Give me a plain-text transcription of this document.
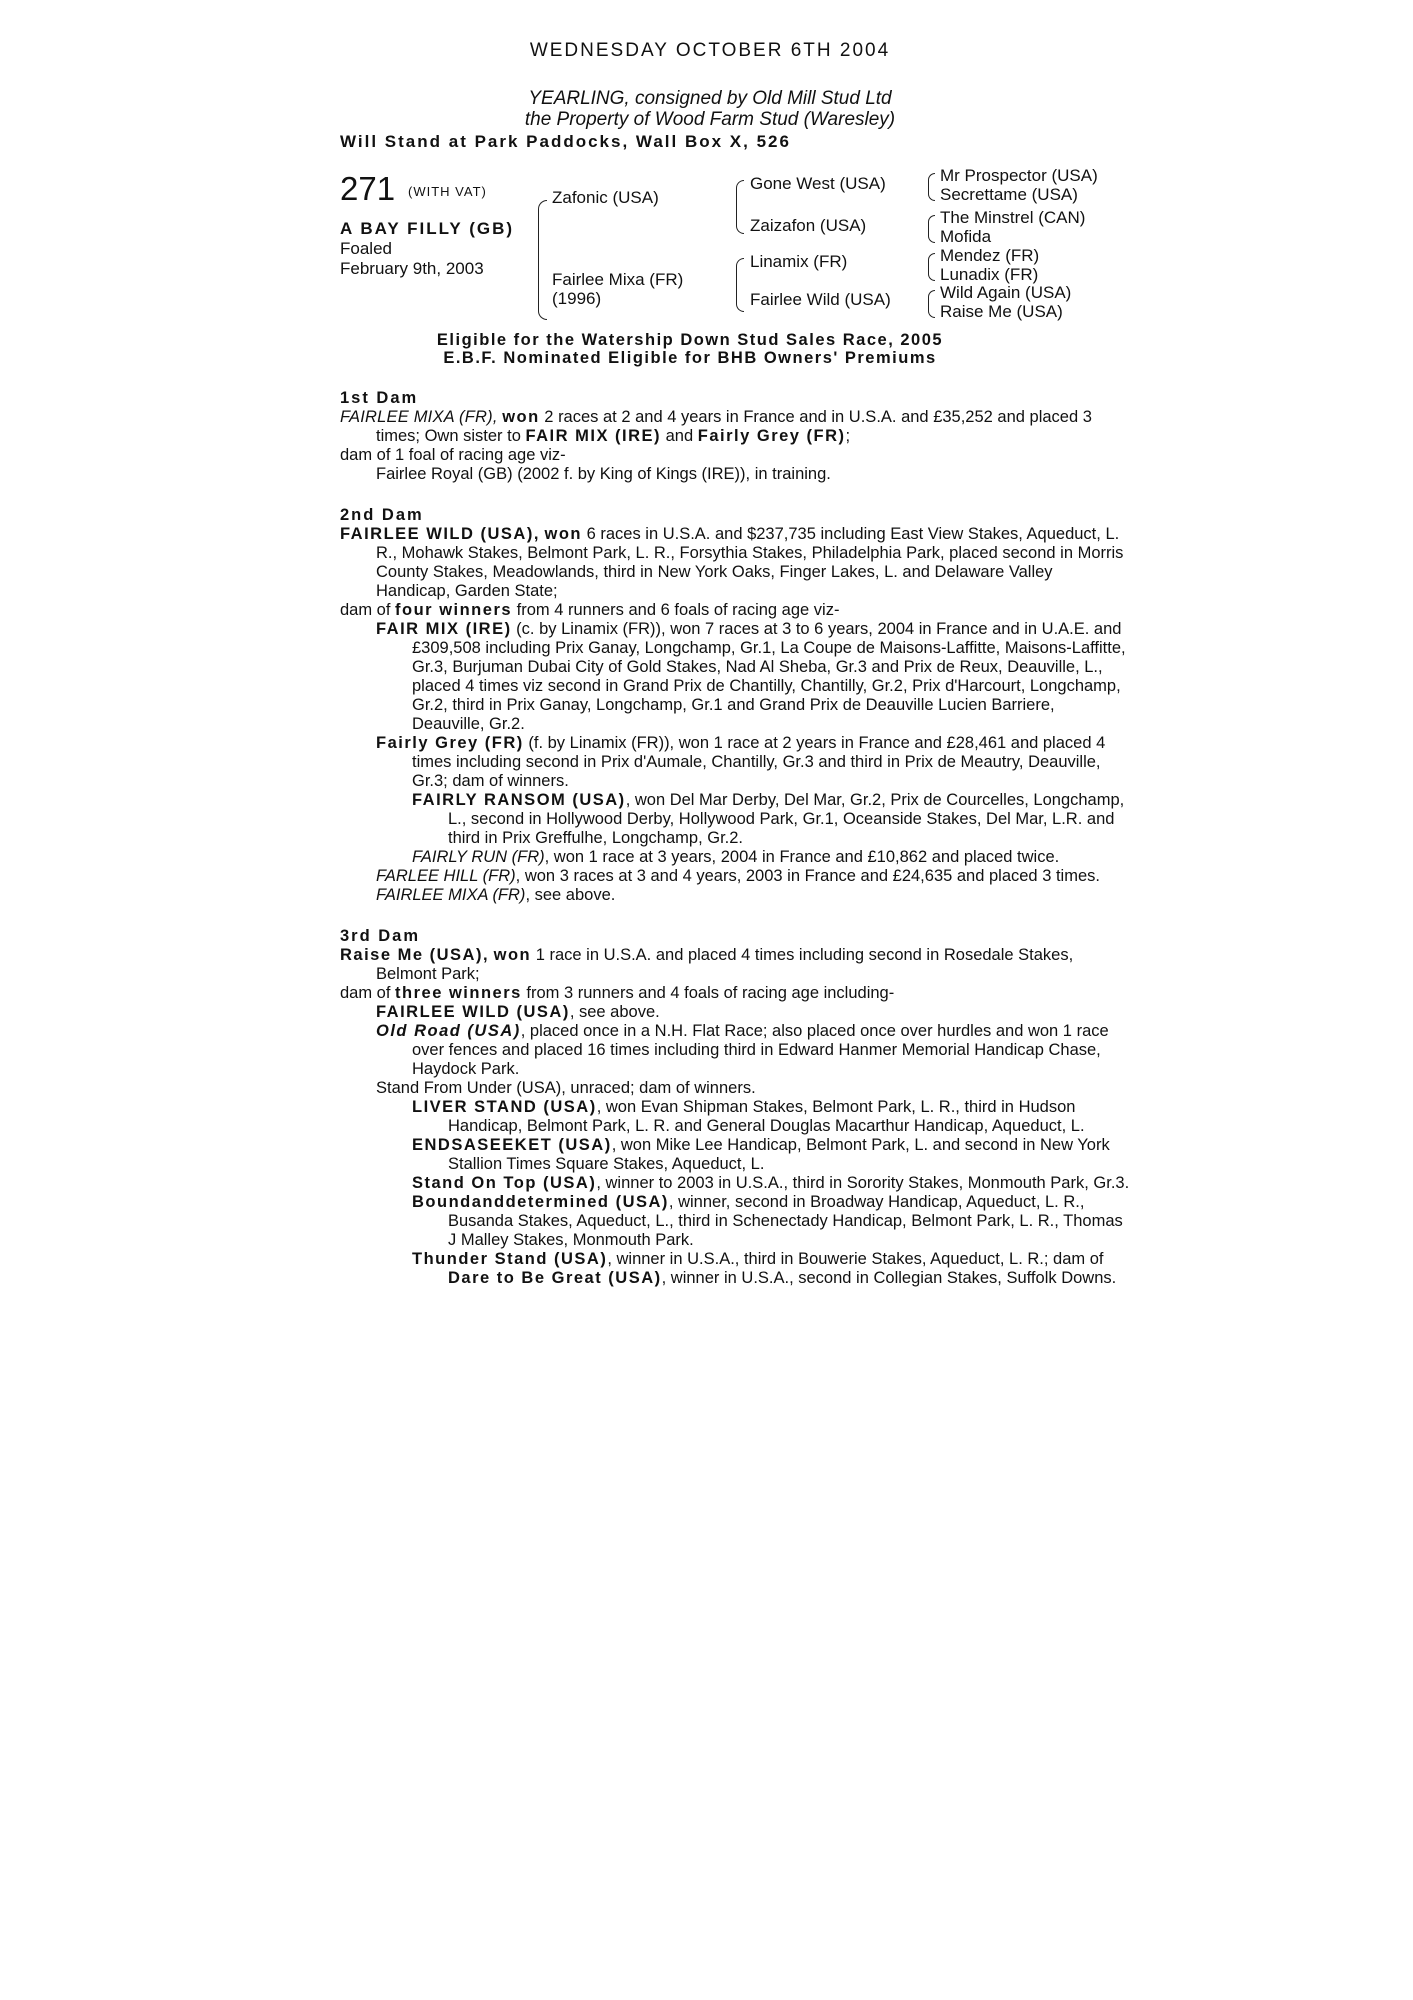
WEDNESDAY OCTOBER 6TH 2004
YEARLING, consigned by Old Mill Stud Ltd
the Property of Wood Farm Stud (Waresley)
Will Stand at Park Paddocks, Wall Box X, 526
271 (WITH VAT)
A BAY FILLY (GB)
Foaled
February 9th, 2003
Zafonic (USA)
Fairlee Mixa (FR)
(1996)
Gone West (USA)
Zaizafon (USA)
Linamix (FR)
Fairlee Wild (USA)
Mr Prospector (USA)
Secrettame (USA)
The Minstrel (CAN)
Mofida
Mendez (FR)
Lunadix (FR)
Wild Again (USA)
Raise Me (USA)
Eligible for the Watership Down Stud Sales Race, 2005
E.B.F. Nominated Eligible for BHB Owners' Premiums
1st Dam

FAIRLEE MIXA (FR), won 2 races at 2 and 4 years in France and in U.S.A. and £35,252 and placed 3 times; Own sister to FAIR MIX (IRE) and Fairly Grey (FR);

dam of 1 foal of racing age viz-

Fairlee Royal (GB) (2002 f. by King of Kings (IRE)), in training.

2nd Dam

FAIRLEE WILD (USA), won 6 races in U.S.A. and $237,735 including East View Stakes, Aqueduct, L. R., Mohawk Stakes, Belmont Park, L. R., Forsythia Stakes, Philadelphia Park, placed second in Morris County Stakes, Meadowlands, third in New York Oaks, Finger Lakes, L. and Delaware Valley Handicap, Garden State;

dam of four winners from 4 runners and 6 foals of racing age viz-

FAIR MIX (IRE) (c. by Linamix (FR)), won 7 races at 3 to 6 years, 2004 in France and in U.A.E. and £309,508 including Prix Ganay, Longchamp, Gr.1, La Coupe de Maisons-Laffitte, Maisons-Laffitte, Gr.3, Burjuman Dubai City of Gold Stakes, Nad Al Sheba, Gr.3 and Prix de Reux, Deauville, L., placed 4 times viz second in Grand Prix de Chantilly, Chantilly, Gr.2, Prix d'Harcourt, Longchamp, Gr.2, third in Prix Ganay, Longchamp, Gr.1 and Grand Prix de Deauville Lucien Barriere, Deauville, Gr.2.

Fairly Grey (FR) (f. by Linamix (FR)), won 1 race at 2 years in France and £28,461 and placed 4 times including second in Prix d'Aumale, Chantilly, Gr.3 and third in Prix de Meautry, Deauville, Gr.3; dam of winners.

FAIRLY RANSOM (USA), won Del Mar Derby, Del Mar, Gr.2, Prix de Courcelles, Longchamp, L., second in Hollywood Derby, Hollywood Park, Gr.1, Oceanside Stakes, Del Mar, L.R. and third in Prix Greffulhe, Longchamp, Gr.2.

FAIRLY RUN (FR), won 1 race at 3 years, 2004 in France and £10,862 and placed twice.

FARLEE HILL (FR), won 3 races at 3 and 4 years, 2003 in France and £24,635 and placed 3 times.

FAIRLEE MIXA (FR), see above.

3rd Dam

Raise Me (USA), won 1 race in U.S.A. and placed 4 times including second in Rosedale Stakes, Belmont Park;

dam of three winners from 3 runners and 4 foals of racing age including-

FAIRLEE WILD (USA), see above.

Old Road (USA), placed once in a N.H. Flat Race; also placed once over hurdles and won 1 race over fences and placed 16 times including third in Edward Hanmer Memorial Handicap Chase, Haydock Park.

Stand From Under (USA), unraced; dam of winners.

LIVER STAND (USA), won Evan Shipman Stakes, Belmont Park, L. R., third in Hudson Handicap, Belmont Park, L. R. and General Douglas Macarthur Handicap, Aqueduct, L.

ENDSASEEKET (USA), won Mike Lee Handicap, Belmont Park, L. and second in New York Stallion Times Square Stakes, Aqueduct, L.

Stand On Top (USA), winner to 2003 in U.S.A., third in Sorority Stakes, Monmouth Park, Gr.3.

Boundanddetermined (USA), winner, second in Broadway Handicap, Aqueduct, L. R., Busanda Stakes, Aqueduct, L., third in Schenectady Handicap, Belmont Park, L. R., Thomas J Malley Stakes, Monmouth Park.

Thunder Stand (USA), winner in U.S.A., third in Bouwerie Stakes, Aqueduct, L. R.; dam of Dare to Be Great (USA), winner in U.S.A., second in Collegian Stakes, Suffolk Downs.
